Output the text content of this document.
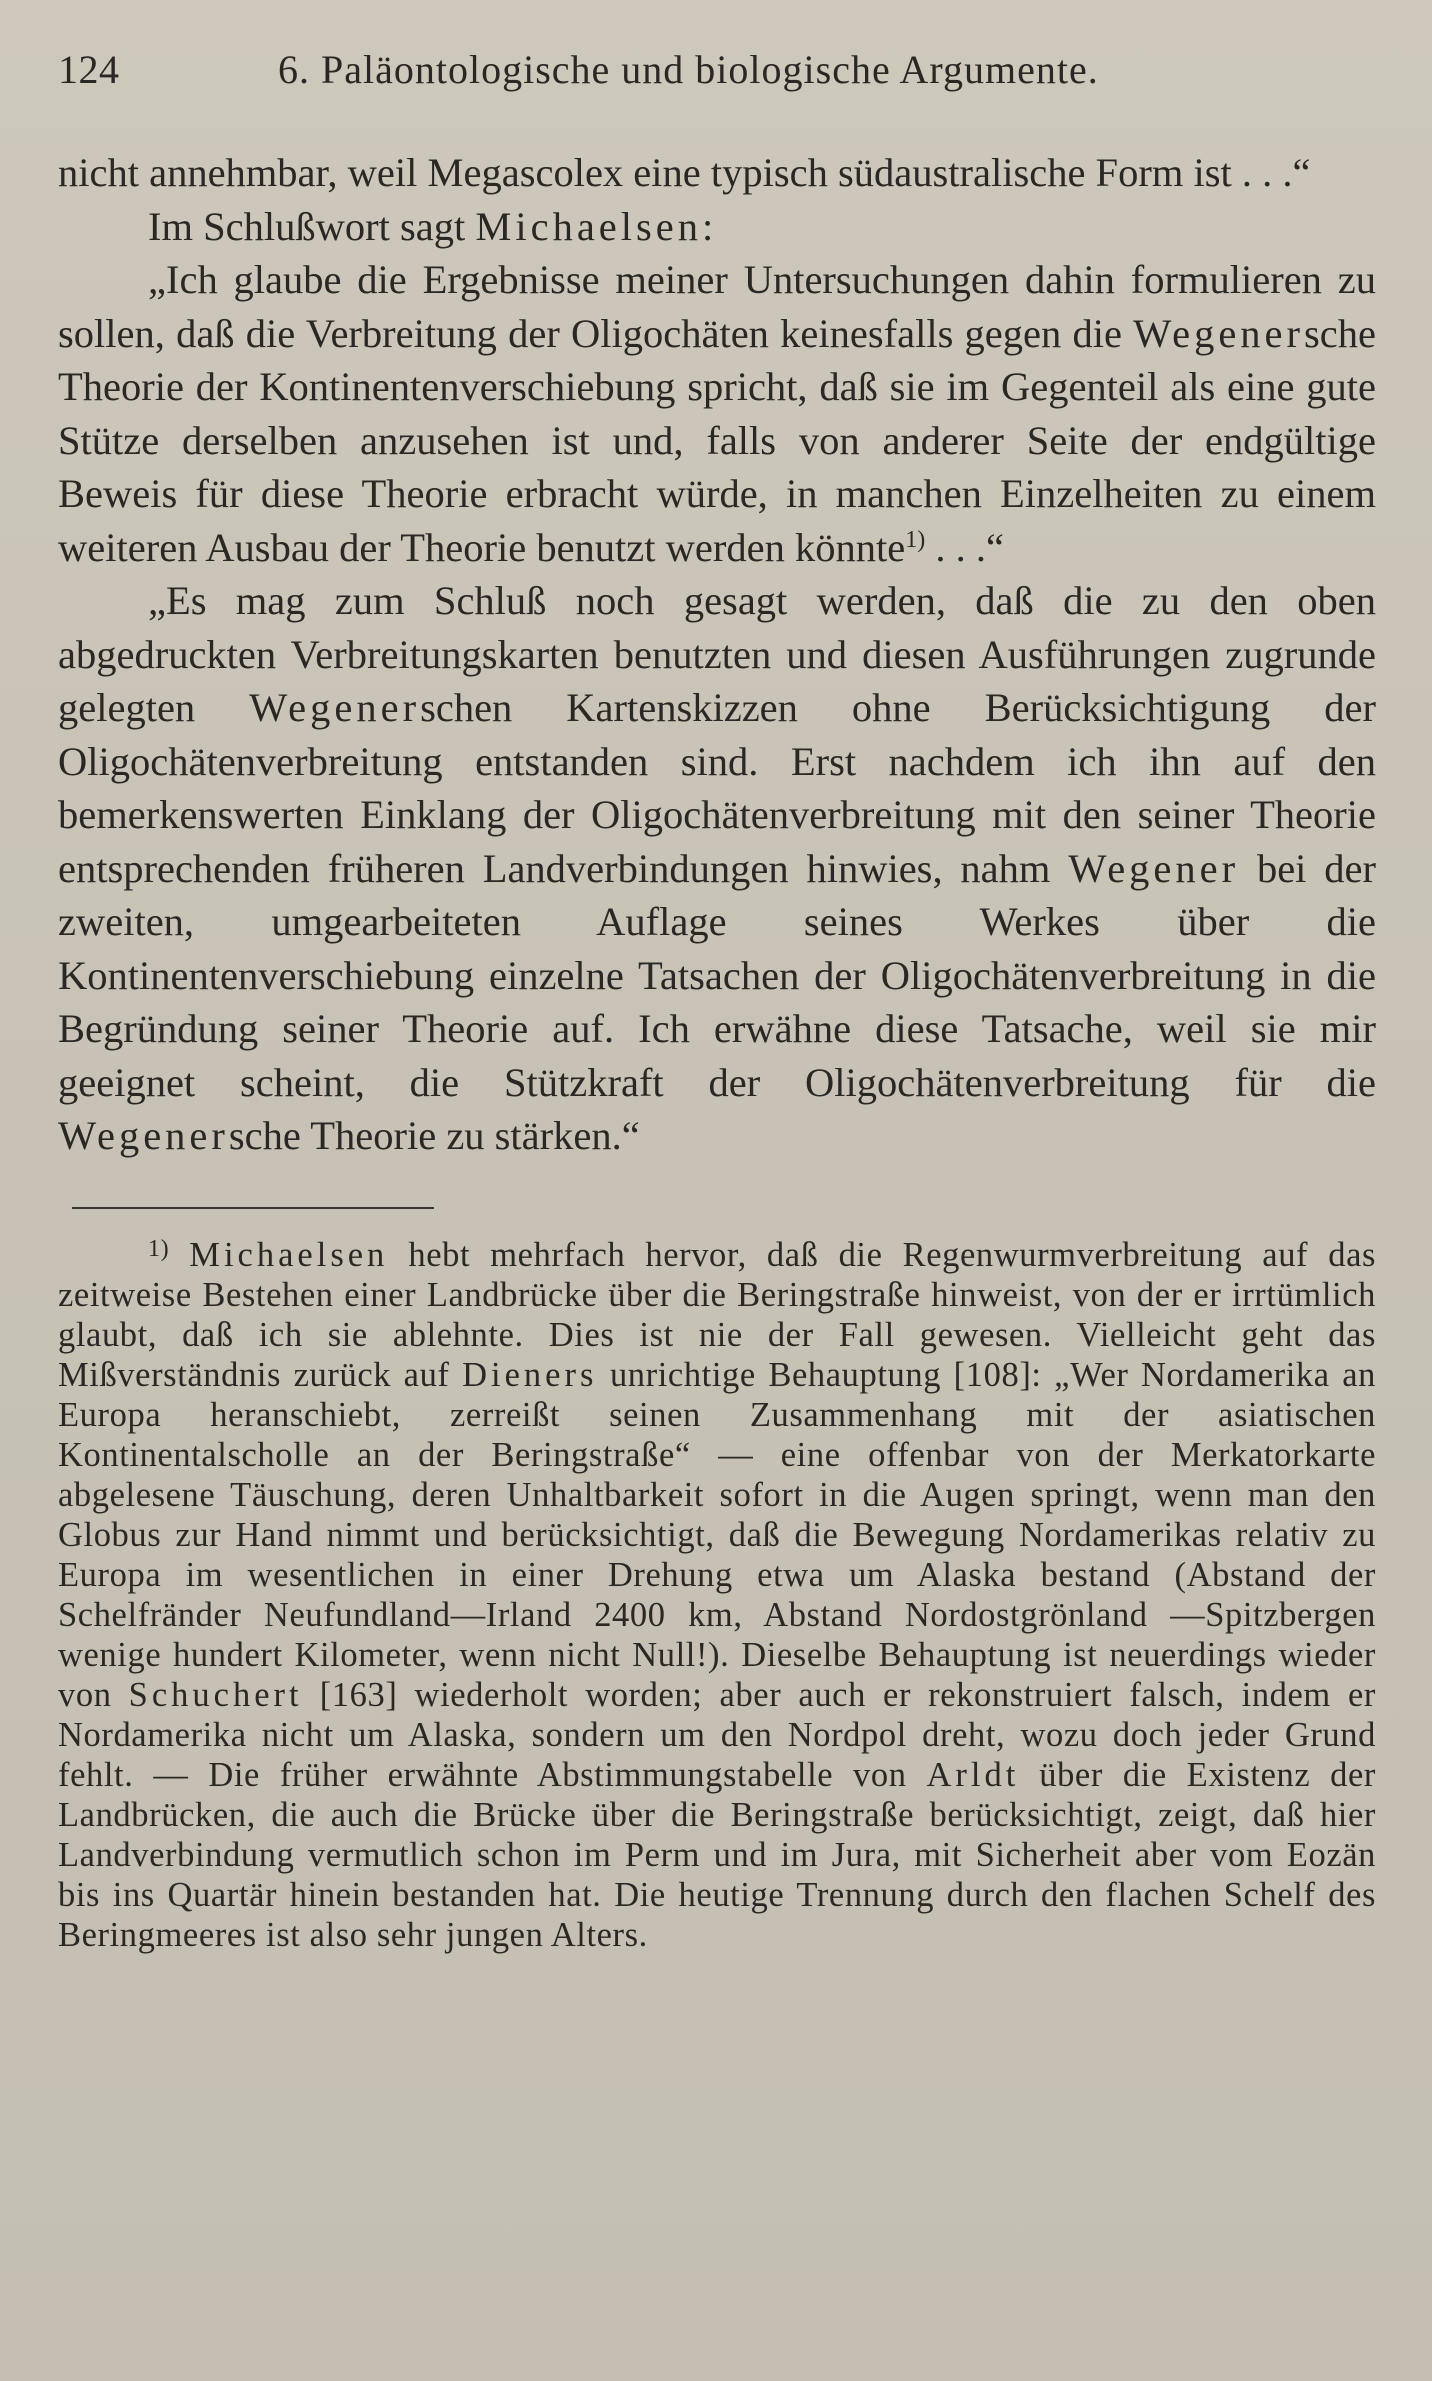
124	6. Paläontologische und biologische Argumente.

nicht annehmbar, weil Megascolex eine typisch südaustralische Form ist . . .“

Im Schlußwort sagt Michaelsen:

„Ich glaube die Ergebnisse meiner Untersuchungen dahin formulieren zu sollen, daß die Verbreitung der Oligochäten keinesfalls gegen die Wegenersche Theorie der Kontinentenverschiebung spricht, daß sie im Gegenteil als eine gute Stütze derselben anzusehen ist und, falls von anderer Seite der endgültige Beweis für diese Theorie erbracht würde, in manchen Einzelheiten zu einem weiteren Ausbau der Theorie benutzt werden könnte$^{1)}$ . . .“

„Es mag zum Schluß noch gesagt werden, daß die zu den oben abgedruckten Verbreitungskarten benutzten und diesen Ausführungen zugrunde gelegten Wegenerschen Kartenskizzen ohne Berücksichtigung der Oligochätenverbreitung entstanden sind. Erst nachdem ich ihn auf den bemerkenswerten Einklang der Oligochätenverbreitung mit den seiner Theorie entsprechenden früheren Landverbindungen hinwies, nahm Wegener bei der zweiten, umgearbeiteten Auflage seines Werkes über die Kontinentenverschiebung einzelne Tatsachen der Oligochätenverbreitung in die Begründung seiner Theorie auf. Ich erwähne diese Tatsache, weil sie mir geeignet scheint, die Stützkraft der Oligochätenverbreitung für die Wegenersche Theorie zu stärken.“

$^{1)}$ Michaelsen hebt mehrfach hervor, daß die Regenwurmverbreitung auf das zeitweise Bestehen einer Landbrücke über die Beringstraße hinweist, von der er irrtümlich glaubt, daß ich sie ablehnte. Dies ist nie der Fall gewesen. Vielleicht geht das Mißverständnis zurück auf Dieners unrichtige Behauptung [108]: „Wer Nordamerika an Europa heranschiebt, zerreißt seinen Zusammenhang mit der asiatischen Kontinentalscholle an der Beringstraße“ — eine offenbar von der Merkatorkarte abgelesene Täuschung, deren Unhaltbarkeit sofort in die Augen springt, wenn man den Globus zur Hand nimmt und berücksichtigt, daß die Bewegung Nordamerikas relativ zu Europa im wesentlichen in einer Drehung etwa um Alaska bestand (Abstand der Schelfränder Neufundland—Irland 2400 km, Abstand Nordostgrönland —Spitzbergen wenige hundert Kilometer, wenn nicht Null!). Dieselbe Behauptung ist neuerdings wieder von Schuchert [163] wiederholt worden; aber auch er rekonstruiert falsch, indem er Nordamerika nicht um Alaska, sondern um den Nordpol dreht, wozu doch jeder Grund fehlt. — Die früher erwähnte Abstimmungstabelle von Arldt über die Existenz der Landbrücken, die auch die Brücke über die Beringstraße berücksichtigt, zeigt, daß hier Landverbindung vermutlich schon im Perm und im Jura, mit Sicherheit aber vom Eozän bis ins Quartär hinein bestanden hat. Die heutige Trennung durch den flachen Schelf des Beringmeeres ist also sehr jungen Alters.
